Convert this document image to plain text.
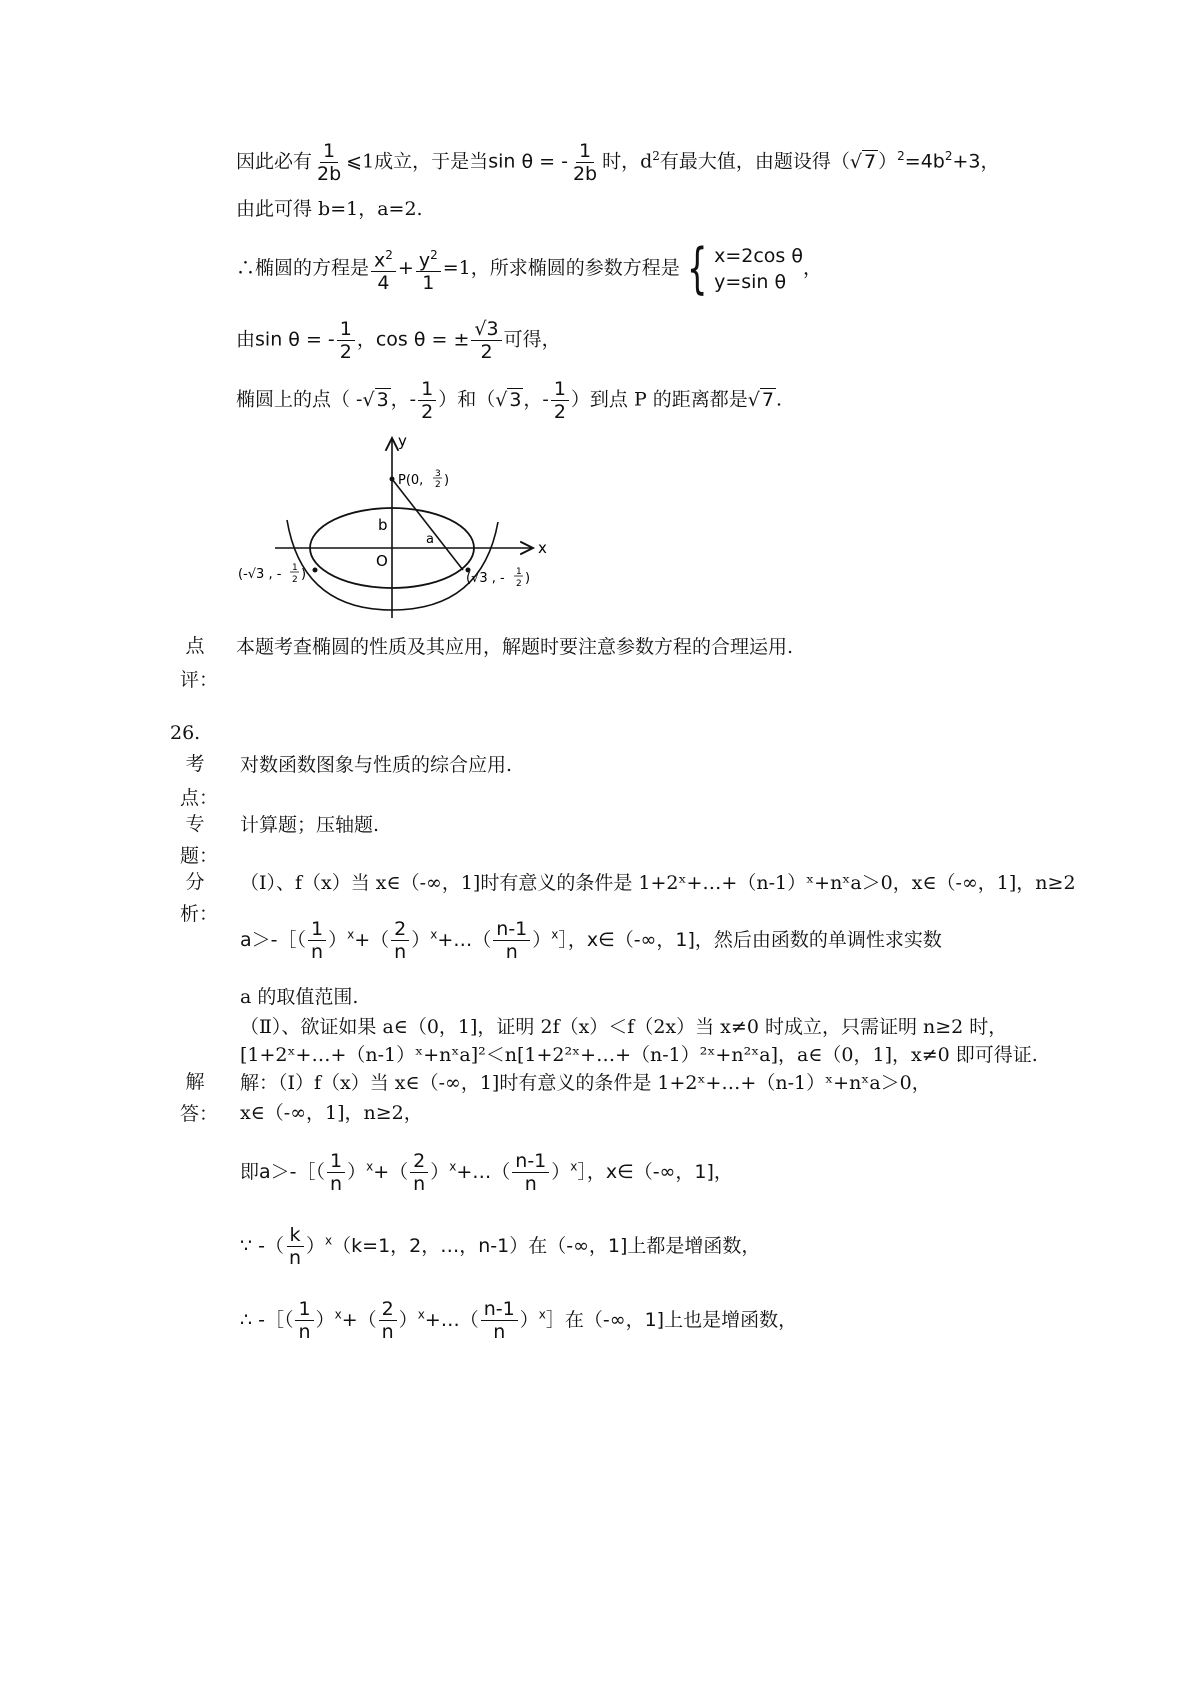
因此必有 $\frac{1}{2b}$ ⩽1成立，于是当sin θ = - $\frac{1}{2b}$ 时，$d^2$有最大值，由题设得（√ 7 ）$^2=4b^2+3$，
由此可得 b=1，a=2.
∴椭圆的方程是 $\frac{x^2}{4} + \frac{y^2}{1} =1$，所求椭圆的参数方程是 { x=2cos θ
y=sin θ
，
由sin θ = - $\frac{1}{2}$ ，cos θ = ± $\frac{√3}{2}$ 可得，
椭圆上的点（ -√ 3 ，- $\frac{1}{2}$ ）和（√ 3 ，- $\frac{1}{2}$ ）到点 P 的距离都是√ 7 .
y
x
O
b
a
P(0, 3
2 )
(-√3 , - 1
2 )	(√3 , - 1
2 )
点
评：
本题考查椭圆的性质及其应用，解题时要注意参数方程的合理运用.
26.
考
点：
对数函数图象与性质的综合应用.
专
题：
计算题；压轴题.
分
析：
（Ⅰ）、f（x）当 x∈（-∞，1]时有意义的条件是 1+2ˣ+…+（n-1）ˣ+nˣa＞0，x∈（-∞，1]，n≥2
a＞-［（ $\frac{1}{n} )^x+( \frac{2}{n}$ ）$^x+\dots( \frac{n-1}{n}$ ）$^x$］，x∈（-∞，1]，然后由函数的单调性求实数
a 的取值范围.
（Ⅱ）、欲证如果 a∈（0，1]，证明 2f（x）＜f（2x）当 x≠0 时成立，只需证明 n≥2 时，
[1+2ˣ+…+（n-1）ˣ+nˣa]²＜n[1+2²ˣ+…+（n-1）²ˣ+n²ˣa]，a∈（0，1]，x≠0 即可得证.
解
答：
解：（Ⅰ）f（x）当 x∈（-∞，1]时有意义的条件是 1+2ˣ+…+（n-1）ˣ+nˣa＞0，
x∈（-∞，1]，n≥2，
即a＞-［（ $\frac{1}{n} )^x+( \frac{2}{n}$ ）$^x+\dots( \frac{n-1}{n}$ ）$^x$］，x∈（-∞，1]，
∵ -（ $\frac{k}{n} )^x(k=1$，2，…，n-1）在（-∞，1]上都是增函数，
∴ -［（ $\frac{1}{n} )^x+( \frac{2}{n}$ ）$^x+\dots( \frac{n-1}{n}$ ）$^x$］在（-∞，1]上也是增函数，
